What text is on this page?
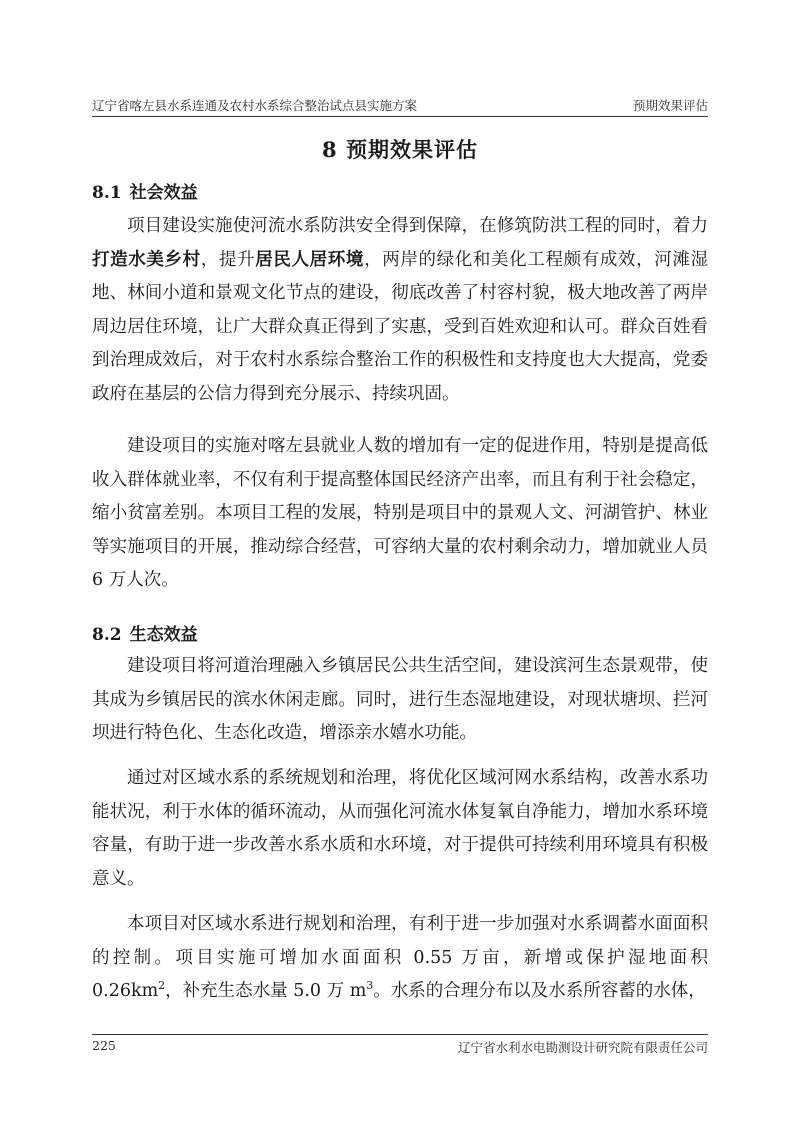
辽宁省喀左县水系连通及农村水系综合整治试点县实施方案	预期效果评估
8 预期效果评估
8.1 社会效益

项目建设实施使河流水系防洪安全得到保障，在修筑防洪工程的同时，着力打造水美乡村，提升居民人居环境，两岸的绿化和美化工程颇有成效，河滩湿地、林间小道和景观文化节点的建设，彻底改善了村容村貌，极大地改善了两岸周边居住环境，让广大群众真正得到了实惠，受到百姓欢迎和认可。群众百姓看到治理成效后，对于农村水系综合整治工作的积极性和支持度也大大提高，党委政府在基层的公信力得到充分展示、持续巩固。

建设项目的实施对喀左县就业人数的增加有一定的促进作用，特别是提高低收入群体就业率，不仅有利于提高整体国民经济产出率，而且有利于社会稳定，缩小贫富差别。本项目工程的发展，特别是项目中的景观人文、河湖管护、林业等实施项目的开展，推动综合经营，可容纳大量的农村剩余动力，增加就业人员 6 万人次。

8.2 生态效益

建设项目将河道治理融入乡镇居民公共生活空间，建设滨河生态景观带，使其成为乡镇居民的滨水休闲走廊。同时，进行生态湿地建设，对现状塘坝、拦河坝进行特色化、生态化改造，增添亲水嬉水功能。

通过对区域水系的系统规划和治理，将优化区域河网水系结构，改善水系功能状况，利于水体的循环流动，从而强化河流水体复氧自净能力，增加水系环境容量，有助于进一步改善水系水质和水环境，对于提供可持续利用环境具有积极意义。

本项目对区域水系进行规划和治理，有利于进一步加强对水系调蓄水面面积的控制。项目实施可增加水面面积 0.55 万亩，新增或保护湿地面积 $0.26km^2$，补充生态水量 5.0 万 $m^3$。水系的合理分布以及水系所容蓄的水体，

225	辽宁省水利水电勘测设计研究院有限责任公司
